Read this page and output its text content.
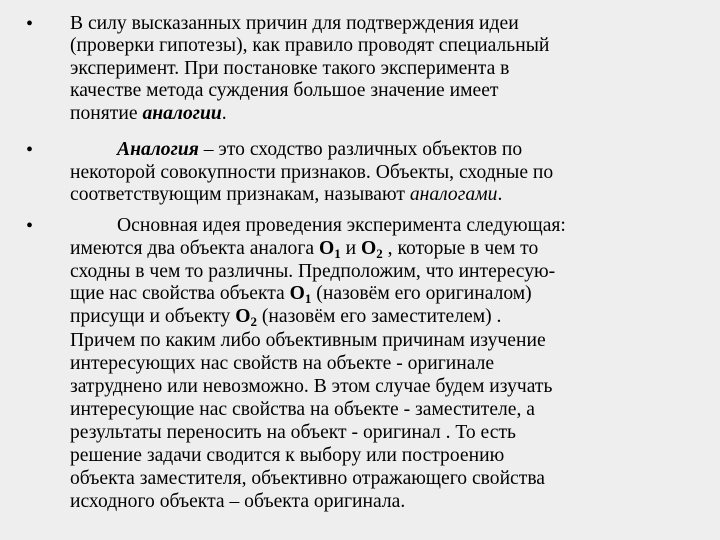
•	В силу высказанных причин для подтверждения идеи
(проверки гипотезы), как правило проводят специальный
эксперимент. При постановке такого эксперимента в
качестве метода суждения большое значение имеет
понятие аналогии.
•	Аналогия – это сходство различных объектов по
некоторой совокупности признаков. Объекты, сходные по
соответствующим признакам, называют аналогами.
•	Основная идея проведения эксперимента следующая:
имеются два объекта аналога $О_1$ и $О_2$ , которые в чем то
сходны в чем то различны. Предположим, что интересую-
щие нас свойства объекта $О_1$ (назовём его оригиналом)
присущи и объекту $О_2$ (назовём его заместителем) .
Причем по каким либо объективным причинам изучение
интересующих нас свойств на объекте - оригинале
затруднено или невозможно. В этом случае будем изучать
интересующие нас свойства на объекте - заместителе, а
результаты переносить на объект - оригинал . То есть
решение задачи сводится к выбору или построению
объекта заместителя, объективно отражающего свойства
исходного объекта – объекта оригинала.
